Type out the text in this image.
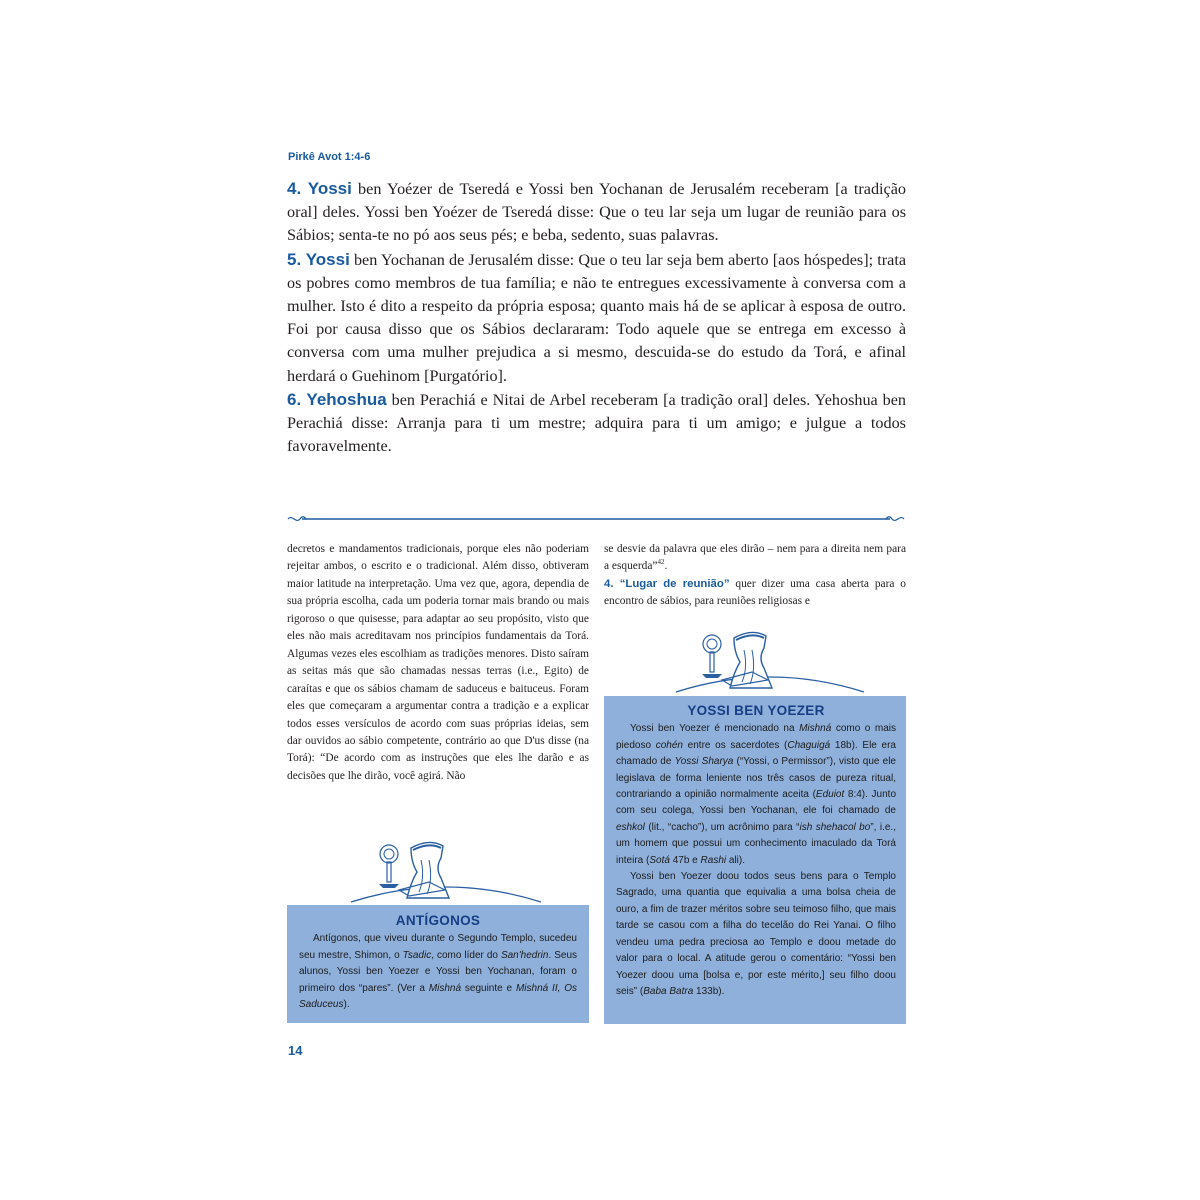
Pirkê Avot 1:4-6

4. Yossi ben Yoézer de Tseredá e Yossi ben Yochanan de Jerusalém receberam [a tradição oral] deles. Yossi ben Yoézer de Tseredá disse: Que o teu lar seja um lugar de reunião para os Sábios; senta-te no pó aos seus pés; e beba, sedento, suas palavras.

5. Yossi ben Yochanan de Jerusalém disse: Que o teu lar seja bem aberto [aos hóspedes]; trata os pobres como membros de tua família; e não te entregues excessivamente à conversa com a mulher. Isto é dito a respeito da própria esposa; quanto mais há de se aplicar à esposa de outro. Foi por causa disso que os Sábios declararam: Todo aquele que se entrega em excesso à conversa com uma mulher prejudica a si mesmo, descuida-se do estudo da Torá, e afinal herdará o Guehinom [Purgatório].

6. Yehoshua ben Perachiá e Nitai de Arbel receberam [a tradição oral] deles. Yehoshua ben Perachiá disse: Arranja para ti um mestre; adquira para ti um amigo; e julgue a todos favoravelmente.

decretos e mandamentos tradicionais, porque eles não poderiam rejeitar ambos, o escrito e o tradicional. Além disso, obtiveram maior latitude na interpretação. Uma vez que, agora, dependia de sua própria escolha, cada um poderia tornar mais brando ou mais rigoroso o que quisesse, para adaptar ao seu propósito, visto que eles não mais acreditavam nos princípios fundamentais da Torá. Algumas vezes eles escolhiam as tradições menores. Disto saíram as seitas más que são chamadas nessas terras (i.e., Egito) de caraítas e que os sábios chamam de saduceus e baituceus. Foram eles que começaram a argumentar contra a tradição e a explicar todos esses versículos de acordo com suas próprias ideias, sem dar ouvidos ao sábio competente, contrário ao que D'us disse (na Torá): “De acordo com as instruções que eles lhe darão e as decisões que lhe dirão, você agirá. Não

se desvie da palavra que eles dirão – nem para a direita nem para a esquerda”$^{42}$.

4. “Lugar de reunião” quer dizer uma casa aberta para o encontro de sábios, para reuniões religiosas e

YOSSI BEN YOEZER

Yossi ben Yoezer é mencionado na Mishná como o mais piedoso cohén entre os sacerdotes (Chaguigá 18b). Ele era chamado de Yossi Sharya (“Yossi, o Permissor”), visto que ele legislava de forma leniente nos três casos de pureza ritual, contrariando a opinião normalmente aceita (Eduiot 8:4). Junto com seu colega, Yossi ben Yochanan, ele foi chamado de eshkol (lit., “cacho”), um acrônimo para “ish shehacol bo”, i.e., um homem que possui um conhecimento imaculado da Torá inteira (Sotá 47b e Rashi ali).

Yossi ben Yoezer doou todos seus bens para o Templo Sagrado, uma quantia que equivalia a uma bolsa cheia de ouro, a fim de trazer méritos sobre seu teimoso filho, que mais tarde se casou com a filha do tecelão do Rei Yanai. O filho vendeu uma pedra preciosa ao Templo e doou metade do valor para o local. A atitude gerou o comentário: “Yossi ben Yoezer doou uma [bolsa e, por este mérito,] seu filho doou seis” (Baba Batra 133b).

ANTÍGONOS

Antígonos, que viveu durante o Segundo Templo, sucedeu seu mestre, Shimon, o Tsadic, como líder do San'hedrin. Seus alunos, Yossi ben Yoezer e Yossi ben Yochanan, foram o primeiro dos “pares”. (Ver a Mishná seguinte e Mishná II, Os Saduceus).

14
